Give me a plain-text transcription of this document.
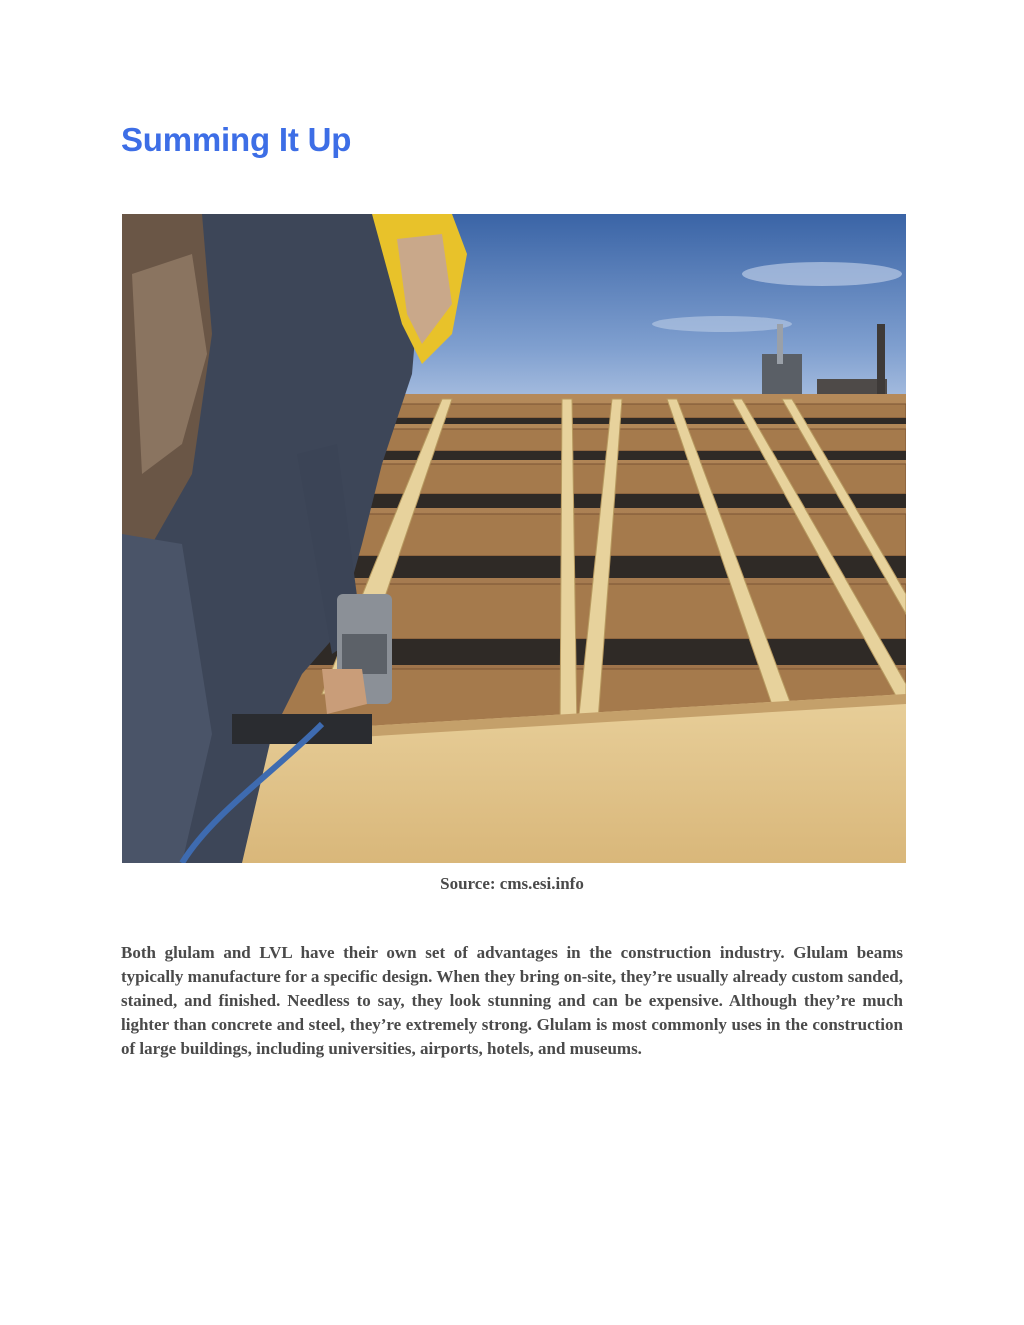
Summing It Up
Source: cms.esi.info

Both glulam and LVL have their own set of advantages in the construction industry. Glulam beams typically manufacture for a specific design. When they bring on-site, they’re usually already custom sanded, stained, and finished. Needless to say, they look stunning and can be expensive. Although they’re much lighter than concrete and steel, they’re extremely strong. Glulam is most commonly uses in the construction of large buildings, including universities, airports, hotels, and museums.
